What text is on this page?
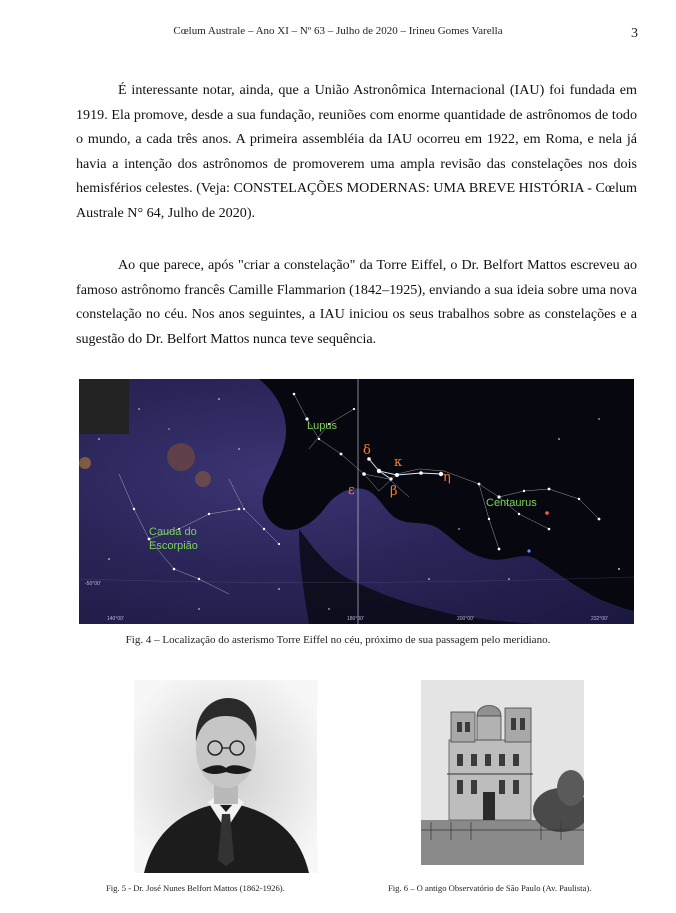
Cœlum Australe – Ano XI – Nº 63 – Julho de 2020 – Irineu Gomes Varella	3

É interessante notar, ainda, que a União Astronômica Internacional (IAU) foi fundada em 1919. Ela promove, desde a sua fundação, reuniões com enorme quantidade de astrônomos de todo o mundo, a cada três anos. A primeira assembléia da IAU ocorreu em 1922, em Roma, e nela já havia a intenção dos astrônomos de promoverem uma ampla revisão das constelações nos dois hemisférios celestes. (Veja: CONSTELAÇÕES MODERNAS: UMA BREVE HISTÓRIA - Cœlum Australe N° 64, Julho de 2020).

Ao que parece, após "criar a constelação" da Torre Eiffel, o Dr. Belfort Mattos escreveu ao famoso astrônomo francês Camille Flammarion (1842–1925), enviando a sua ideia sobre uma nova constelação no céu. Nos anos seguintes, a IAU iniciou os seus trabalhos sobre as constelações e a sugestão do Dr. Belfort Mattos nunca teve sequência.

Lupus
Centaurus
Cauda do
Escorpião
δ
κ
η
ε	β
140°00'
-50°00'
180°00'	200°00'	232°00'
Fig. 4 – Localização do asterismo Torre Eiffel no céu, próximo de sua passagem pelo meridiano.
Fig. 5 - Dr. José Nunes Belfort Mattos (1862-1926).	Fig. 6 – O antigo Observatório de São Paulo (Av. Paulista).
